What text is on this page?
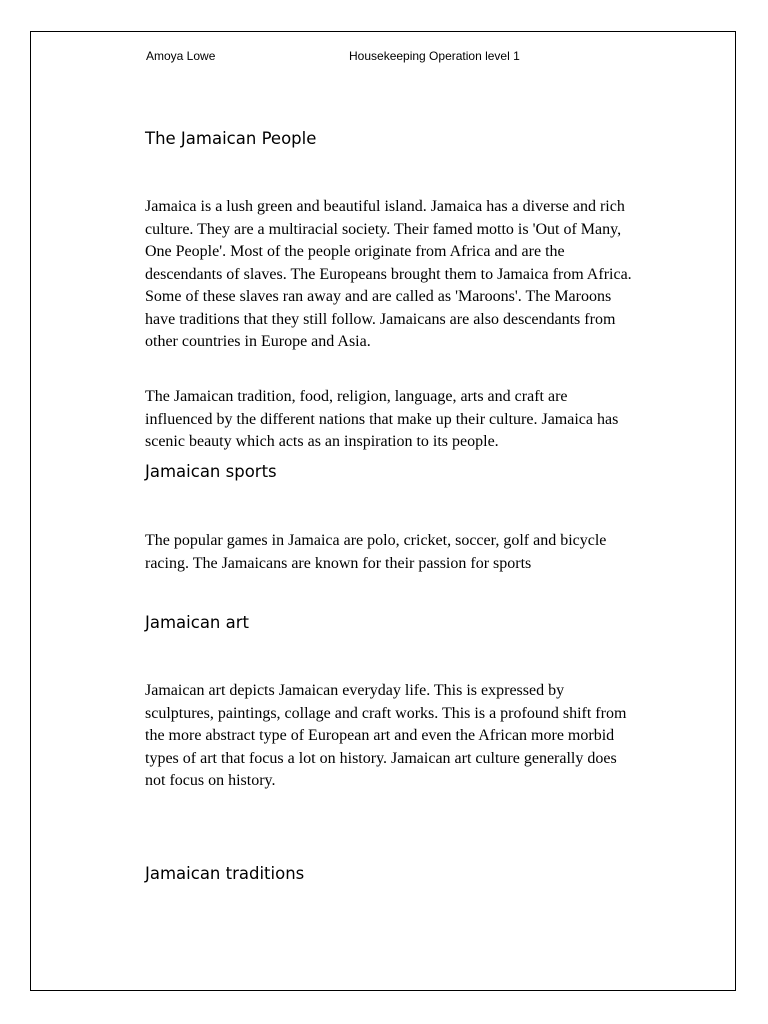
Amoya Lowe	Housekeeping Operation level 1
The Jamaican People

Jamaica is a lush green and beautiful island. Jamaica has a diverse and rich culture. They are a multiracial society. Their famed motto is 'Out of Many, One People'. Most of the people originate from Africa and are the descendants of slaves. The Europeans brought them to Jamaica from Africa. Some of these slaves ran away and are called as 'Maroons'. The Maroons have traditions that they still follow. Jamaicans are also descendants from other countries in Europe and Asia.

The Jamaican tradition, food, religion, language, arts and craft are influenced by the different nations that make up their culture. Jamaica has scenic beauty which acts as an inspiration to its people.

Jamaican sports

The popular games in Jamaica are polo, cricket, soccer, golf and bicycle racing. The Jamaicans are known for their passion for sports

Jamaican art

Jamaican art depicts Jamaican everyday life. This is expressed by sculptures, paintings, collage and craft works. This is a profound shift from the more abstract type of European art and even the African more morbid types of art that focus a lot on history. Jamaican art culture generally does not focus on history.

Jamaican traditions
